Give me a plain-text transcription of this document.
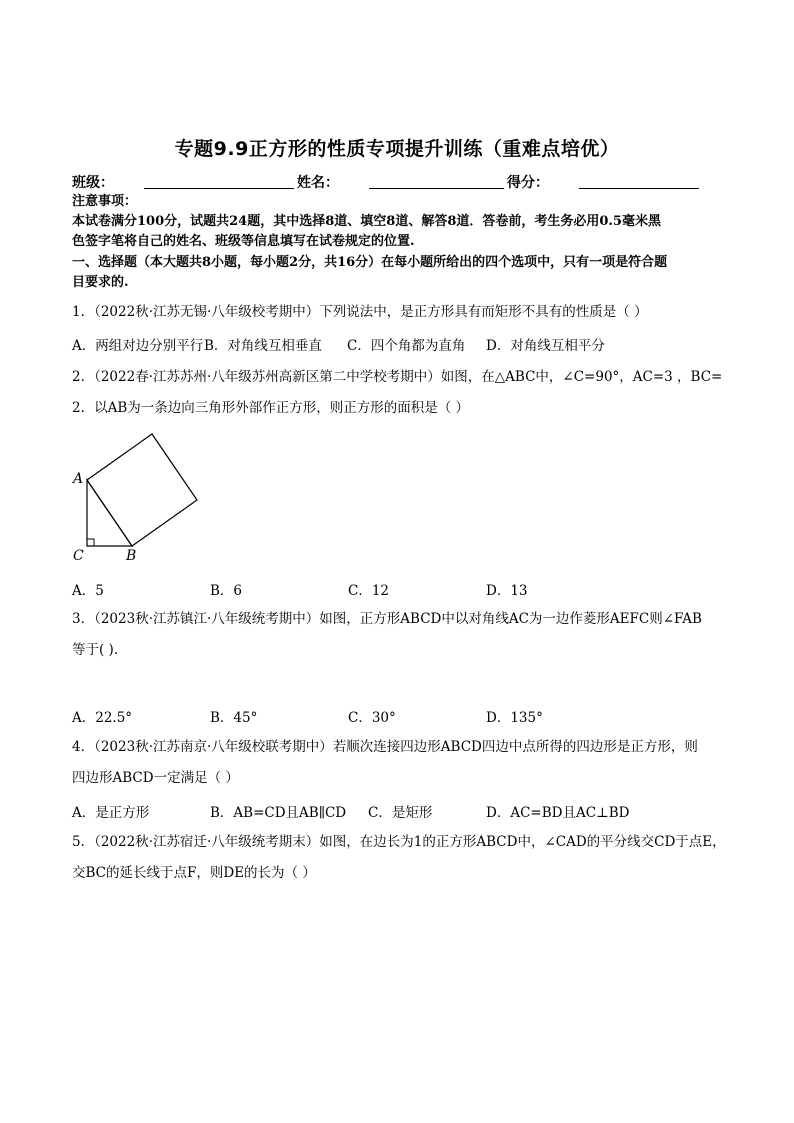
专题9.9正方形的性质专项提升训练（重难点培优）
班级：	姓名：	得分：
注意事项：
本试卷满分100分，试题共24题，其中选择8道、填空8道、解答8道．答卷前，考生务必用0.5毫米黑
色签字笔将自己的姓名、班级等信息填写在试卷规定的位置.
一、选择题（本大题共8小题，每小题2分，共16分）在每小题所给出的四个选项中，只有一项是符合题
目要求的.
1．（2022秋·江苏无锡·八年级校考期中）下列说法中，是正方形具有而矩形不具有的性质是（ ）
A．两组对边分别平行 B．对角线互相垂直 C．四个角都为直角 D．对角线互相平分
2．（2022春·江苏苏州·八年级苏州高新区第二中学校考期中）如图，在△ABC中，∠C=90°，AC=3 ，BC=
2．以AB为一条边向三角形外部作正方形，则正方形的面积是（ ）
A
C	B
A．5	B．6	C．12	D．13
3．（2023秋·江苏镇江·八年级统考期中）如图，正方形ABCD中以对角线AC为一边作菱形AEFC则∠FAB
等于( ).
A．22.5°	B．45°	C．30°	D．135°
4．（2023秋·江苏南京·八年级校联考期中）若顺次连接四边形ABCD四边中点所得的四边形是正方形，则
四边形ABCD一定满足（ ）
A．是正方形	B．AB=CD且AB∥CD C．是矩形	D．AC=BD且AC⊥BD
5．（2022秋·江苏宿迁·八年级统考期末）如图，在边长为1的正方形ABCD中，∠CAD的平分线交CD于点E，
交BC的延长线于点F，则DE的长为（ ）
